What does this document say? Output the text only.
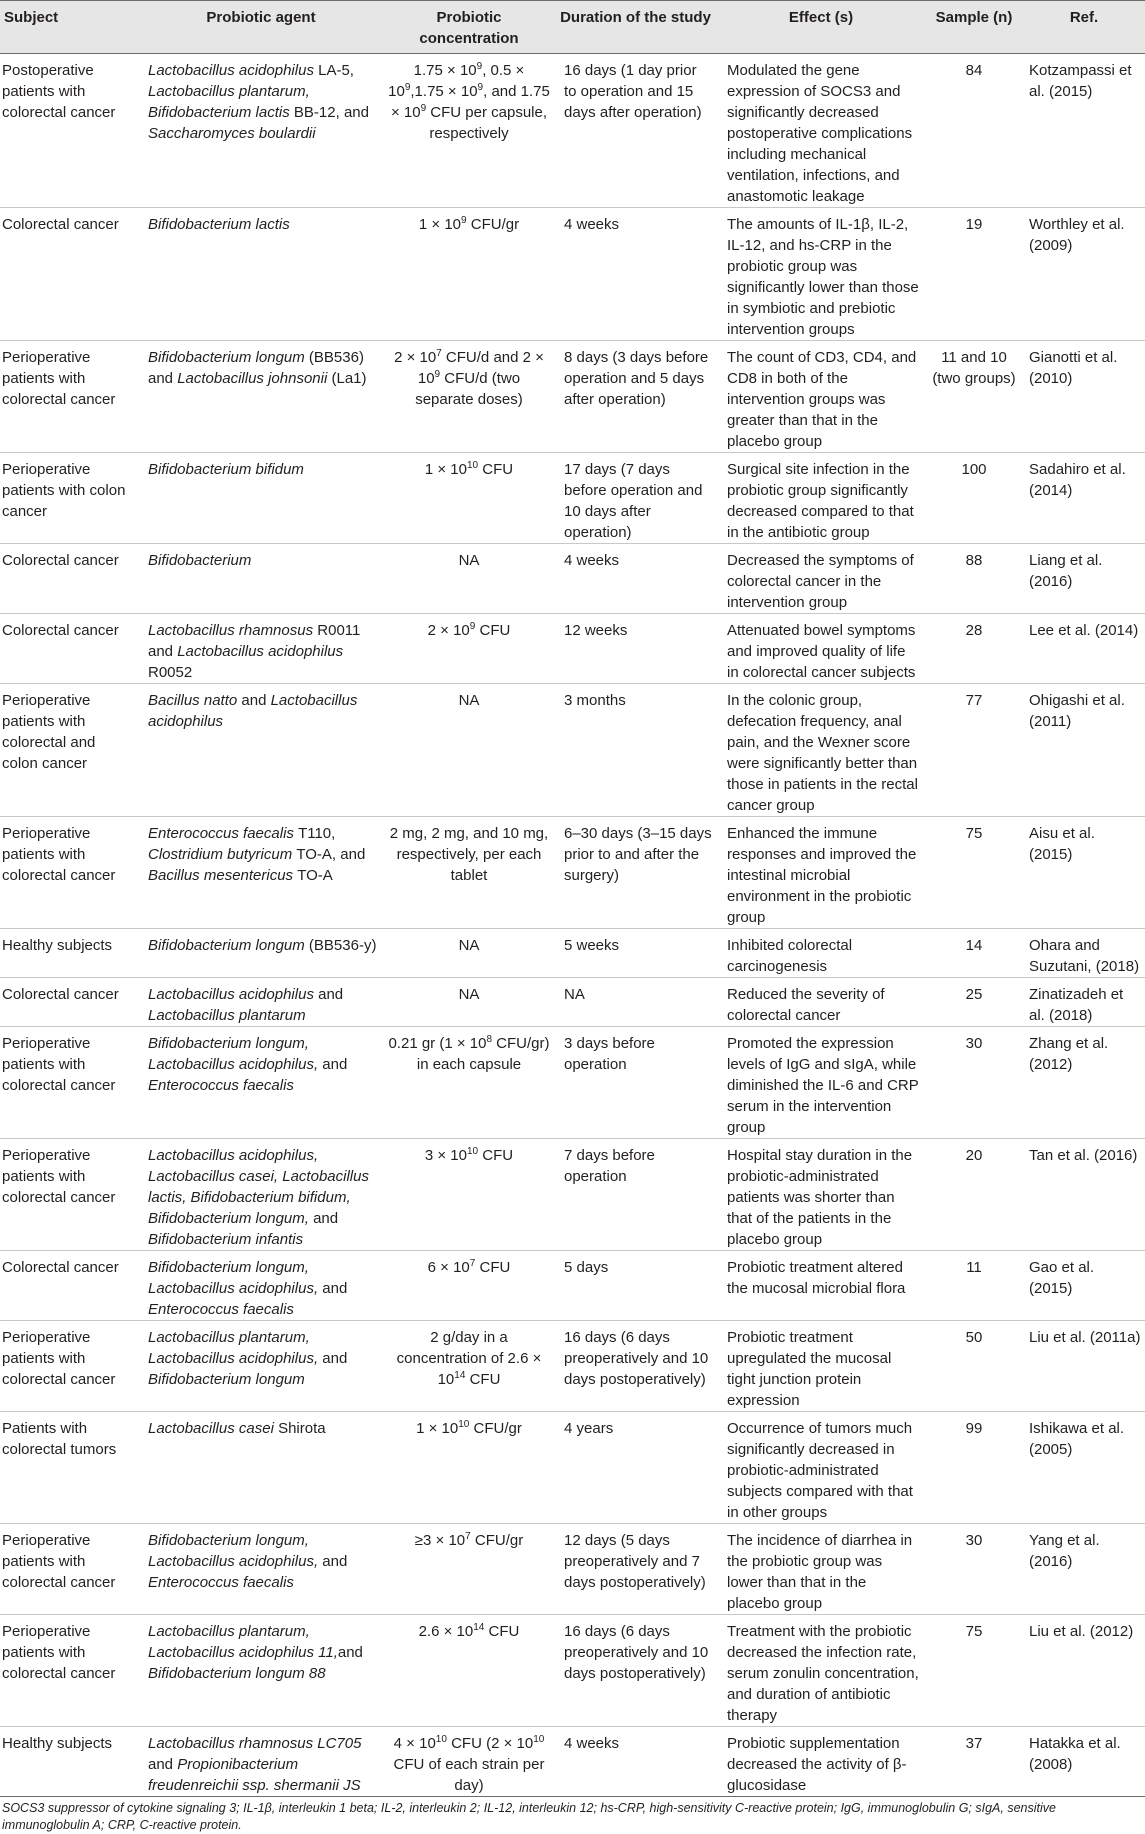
Subject	Probiotic agent	Probiotic concentration	Duration of the study	Effect (s)	Sample (n)	Ref.
Postoperative patients with colorectal cancer	Lactobacillus acidophilus LA-5, Lactobacillus plantarum, Bifidobacterium lactis BB-12, and Saccharomyces boulardii	$1.75 \times 10^9$, $0.5 \times 10^9,1.75 \times 10^9$, and $1.75 \times 10^9$ CFU per capsule, respectively	16 days (1 day prior to operation and 15 days after operation)	Modulated the gene expression of SOCS3 and significantly decreased postoperative complications including mechanical ventilation, infections, and anastomotic leakage	84	Kotzampassi et al. (2015)
Colorectal cancer	Bifidobacterium lactis	$1 \times 10^9$ CFU/gr	4 weeks	The amounts of IL-1β, IL-2, IL-12, and hs-CRP in the probiotic group was significantly lower than those in symbiotic and prebiotic intervention groups	19	Worthley et al. (2009)
Perioperative patients with colorectal cancer	Bifidobacterium longum (BB536) and Lactobacillus johnsonii (La1)	$2 \times 10^7$ CFU/d and $2 \times 10^9$ CFU/d (two separate doses)	8 days (3 days before operation and 5 days after operation)	The count of CD3, CD4, and CD8 in both of the intervention groups was greater than that in the placebo group	11 and 10 (two groups)	Gianotti et al. (2010)
Perioperative patients with colon cancer	Bifidobacterium bifidum	$1 \times 10^{10}$ CFU	17 days (7 days before operation and 10 days after operation)	Surgical site infection in the probiotic group significantly decreased compared to that in the antibiotic group	100	Sadahiro et al. (2014)
Colorectal cancer	Bifidobacterium	NA	4 weeks	Decreased the symptoms of colorectal cancer in the intervention group	88	Liang et al. (2016)
Colorectal cancer	Lactobacillus rhamnosus R0011 and Lactobacillus acidophilus R0052	$2 \times 10^9$ CFU	12 weeks	Attenuated bowel symptoms and improved quality of life in colorectal cancer subjects	28	Lee et al. (2014)
Perioperative patients with colorectal and colon cancer	Bacillus natto and Lactobacillus acidophilus	NA	3 months	In the colonic group, defecation frequency, anal pain, and the Wexner score were significantly better than those in patients in the rectal cancer group	77	Ohigashi et al. (2011)
Perioperative patients with colorectal cancer	Enterococcus faecalis T110, Clostridium butyricum TO-A, and Bacillus mesentericus TO-A	2 mg, 2 mg, and 10 mg, respectively, per each tablet	6–30 days (3–15 days prior to and after the surgery)	Enhanced the immune responses and improved the intestinal microbial environment in the probiotic group	75	Aisu et al. (2015)
Healthy subjects	Bifidobacterium longum (BB536-y)	NA	5 weeks	Inhibited colorectal carcinogenesis	14	Ohara and Suzutani, (2018)
Colorectal cancer	Lactobacillus acidophilus and Lactobacillus plantarum	NA	NA	Reduced the severity of colorectal cancer	25	Zinatizadeh et al. (2018)
Perioperative patients with colorectal cancer	Bifidobacterium longum, Lactobacillus acidophilus, and Enterococcus faecalis	0.21 gr ($1 \times 10^8$ CFU/gr) in each capsule	3 days before operation	Promoted the expression levels of IgG and sIgA, while diminished the IL-6 and CRP serum in the intervention group	30	Zhang et al. (2012)
Perioperative patients with colorectal cancer	Lactobacillus acidophilus, Lactobacillus casei, Lactobacillus lactis, Bifidobacterium bifidum, Bifidobacterium longum, and Bifidobacterium infantis	$3 \times 10^{10}$ CFU	7 days before operation	Hospital stay duration in the probiotic-administrated patients was shorter than that of the patients in the placebo group	20	Tan et al. (2016)
Colorectal cancer	Bifidobacterium longum, Lactobacillus acidophilus, and Enterococcus faecalis	$6 \times 10^7$ CFU	5 days	Probiotic treatment altered the mucosal microbial flora	11	Gao et al. (2015)
Perioperative patients with colorectal cancer	Lactobacillus plantarum, Lactobacillus acidophilus, and Bifidobacterium longum	2 g/day in a concentration of $2.6 \times 10^{14}$ CFU	16 days (6 days preoperatively and 10 days postoperatively)	Probiotic treatment upregulated the mucosal tight junction protein expression	50	Liu et al. (2011a)
Patients with colorectal tumors	Lactobacillus casei Shirota	$1 \times 10^{10}$ CFU/gr	4 years	Occurrence of tumors much significantly decreased in probiotic-administrated subjects compared with that in other groups	99	Ishikawa et al. (2005)
Perioperative patients with colorectal cancer	Bifidobacterium longum, Lactobacillus acidophilus, and Enterococcus faecalis	$\ge 3 \times 10^7$ CFU/gr	12 days (5 days preoperatively and 7 days postoperatively)	The incidence of diarrhea in the probiotic group was lower than that in the placebo group	30	Yang et al. (2016)
Perioperative patients with colorectal cancer	Lactobacillus plantarum, Lactobacillus acidophilus 11,and Bifidobacterium longum 88	$2.6 \times 10^{14}$ CFU	16 days (6 days preoperatively and 10 days postoperatively)	Treatment with the probiotic decreased the infection rate, serum zonulin concentration, and duration of antibiotic therapy	75	Liu et al. (2012)
Healthy subjects	Lactobacillus rhamnosus LC705 and Propionibacterium freudenreichii ssp. shermanii JS	$4 \times 10^{10}$ CFU ($2 \times 10^{10}$ CFU of each strain per day)	4 weeks	Probiotic supplementation decreased the activity of β-glucosidase	37	Hatakka et al. (2008)
SOCS3 suppressor of cytokine signaling 3; IL-1β, interleukin 1 beta; IL-2, interleukin 2; IL-12, interleukin 12; hs-CRP, high-sensitivity C-reactive protein; IgG, immunoglobulin G; sIgA, sensitive immunoglobulin A; CRP, C-reactive protein.
